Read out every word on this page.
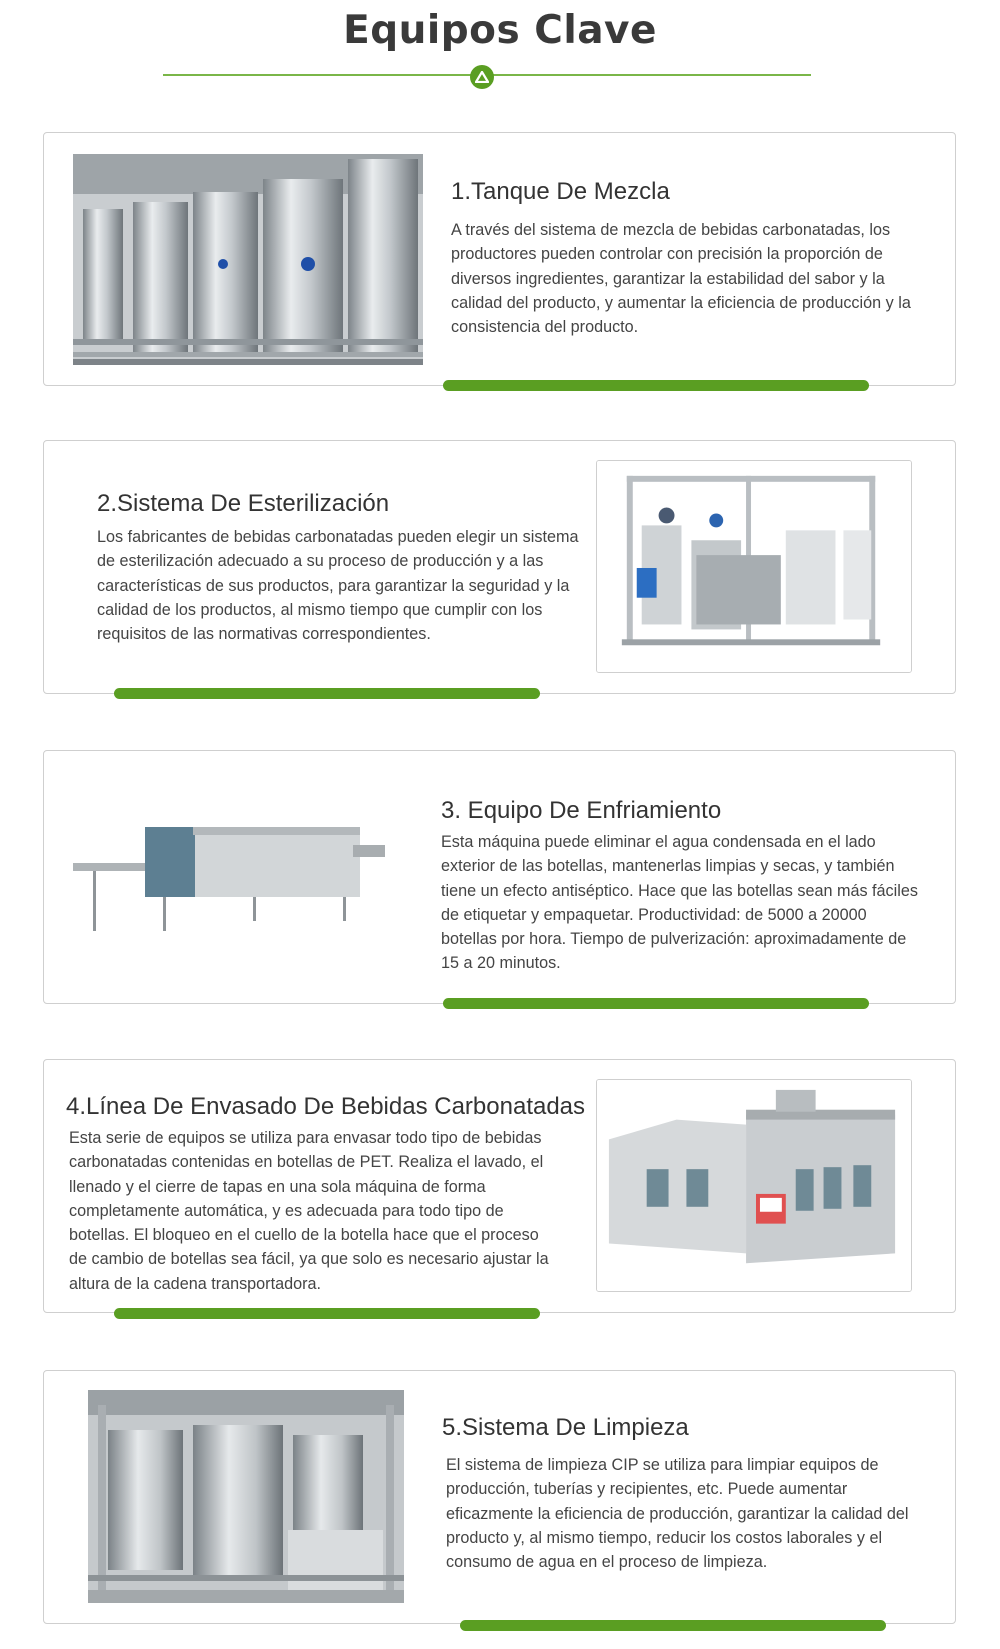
Equipos Clave
1.Tanque De Mezcla

A través del sistema de mezcla de bebidas carbonatadas, los productores pueden controlar con precisión la proporción de diversos ingredientes, garantizar la estabilidad del sabor y la calidad del producto, y aumentar la eficiencia de producción y la consistencia del producto.

2.Sistema De Esterilización

Los fabricantes de bebidas carbonatadas pueden elegir un sistema de esterilización adecuado a su proceso de producción y a las características de sus productos, para garantizar la seguridad y la calidad de los productos, al mismo tiempo que cumplir con los requisitos de las normativas correspondientes.

3. Equipo De Enfriamiento

Esta máquina puede eliminar el agua condensada en el lado exterior de las botellas, mantenerlas limpias y secas, y también tiene un efecto antiséptico. Hace que las botellas sean más fáciles de etiquetar y empaquetar. Productividad: de 5000 a 20000 botellas por hora. Tiempo de pulverización: aproximadamente de 15 a 20 minutos.

4.Línea De Envasado De Bebidas Carbonatadas

Esta serie de equipos se utiliza para envasar todo tipo de bebidas carbonatadas contenidas en botellas de PET. Realiza el lavado, el llenado y el cierre de tapas en una sola máquina de forma completamente automática, y es adecuada para todo tipo de botellas. El bloqueo en el cuello de la botella hace que el proceso de cambio de botellas sea fácil, ya que solo es necesario ajustar la altura de la cadena transportadora.

5.Sistema De Limpieza

El sistema de limpieza CIP se utiliza para limpiar equipos de producción, tuberías y recipientes, etc. Puede aumentar eficazmente la eficiencia de producción, garantizar la calidad del producto y, al mismo tiempo, reducir los costos laborales y el consumo de agua en el proceso de limpieza.
